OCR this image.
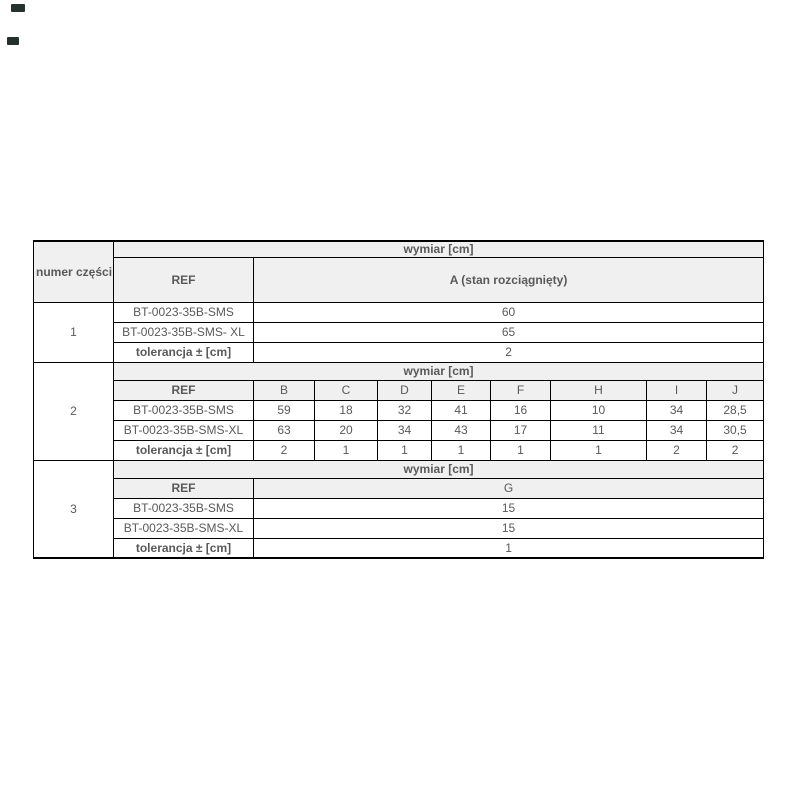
numer części	wymiar [cm]								
	REF	A (stan rozciągnięty)							
1	BT-0023-35B-SMS	60							
	BT-0023-35B-SMS- XL	65							
	tolerancja ± [cm]	2							
2	wymiar [cm]								
	REF	B	C	D	E	F	H	I	J
	BT-0023-35B-SMS	59	18	32	41	16	10	34	28,5
	BT-0023-35B-SMS-XL	63	20	34	43	17	11	34	30,5
	tolerancja ± [cm]	2	1	1	1	1	1	2	2
3	wymiar [cm]								
	REF	G							
	BT-0023-35B-SMS	15							
	BT-0023-35B-SMS-XL	15							
	tolerancja ± [cm]	1							
